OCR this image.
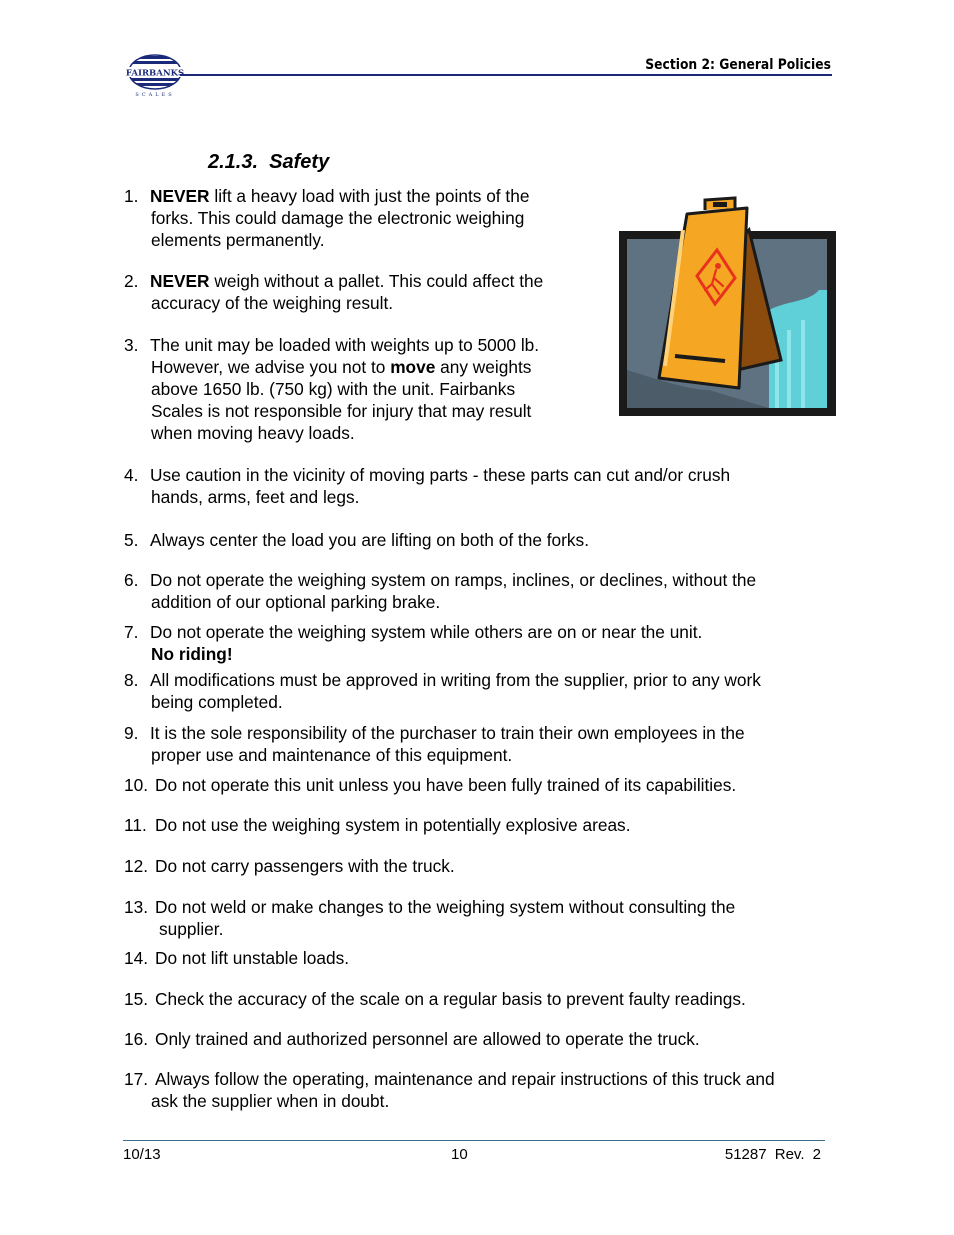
FAIRBANKS
SCALES
Section 2: General Policies
2.1.3. Safety
1. NEVER lift a heavy load with just the points of the
forks. This could damage the electronic weighing
elements permanently.
2. NEVER weigh without a pallet. This could affect the
accuracy of the weighing result.
3. The unit may be loaded with weights up to 5000 lb.
However, we advise you not to move any weights
above 1650 lb. (750 kg) with the unit. Fairbanks
Scales is not responsible for injury that may result
when moving heavy loads.
4. Use caution in the vicinity of moving parts - these parts can cut and/or crush
hands, arms, feet and legs.
5. Always center the load you are lifting on both of the forks.
6. Do not operate the weighing system on ramps, inclines, or declines, without the
addition of our optional parking brake.
7. Do not operate the weighing system while others are on or near the unit.
No riding!
8. All modifications must be approved in writing from the supplier, prior to any work
being completed.
9. It is the sole responsibility of the purchaser to train their own employees in the
proper use and maintenance of this equipment.
10. Do not operate this unit unless you have been fully trained of its capabilities.
11. Do not use the weighing system in potentially explosive areas.
12. Do not carry passengers with the truck.
13. Do not weld or make changes to the weighing system without consulting the
supplier.
14. Do not lift unstable loads.
15. Check the accuracy of the scale on a regular basis to prevent faulty readings.
16. Only trained and authorized personnel are allowed to operate the truck.
17. Always follow the operating, maintenance and repair instructions of this truck and
ask the supplier when in doubt.
10/13	10	51287 Rev. 2
